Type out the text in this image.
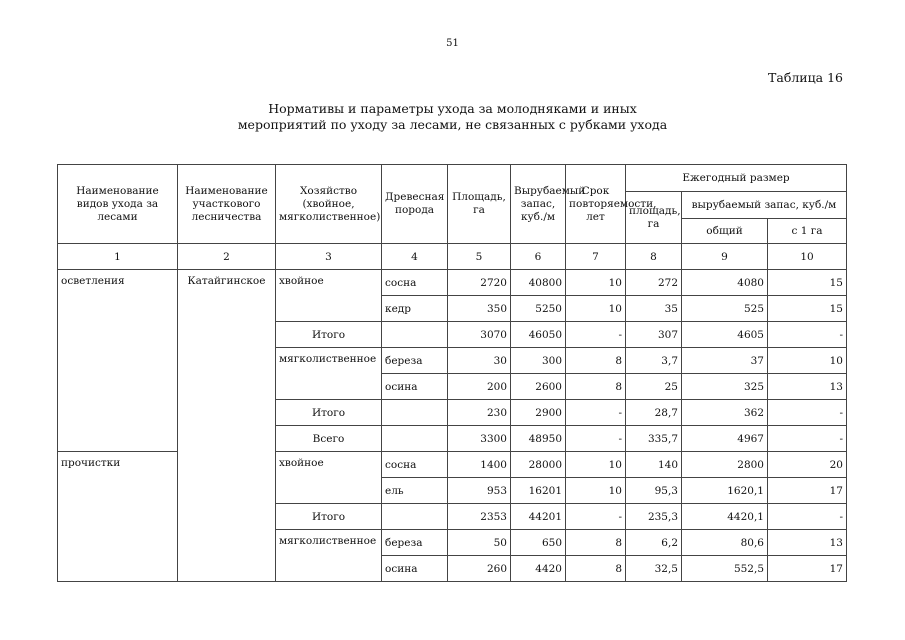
51
Таблица 16
Нормативы и параметры ухода за молодняками и иных
мероприятий по уходу за лесами, не связанных с рубками ухода
Наименование видов ухода за лесами	Наименование участкового лесничества	Хозяйство (хвойное, мягколиственное)	Древесная порода	Площадь, га	Вырубаемый запас, куб./м	Срок повторяемости, лет	Ежегодный размер		
							площадь, га	вырубаемый запас, куб./м	
								общий	с 1 га
1	2	3	4	5	6	7	8	9	10
осветления	Катайгинское	хвойное	сосна	2720	40800	10	272	4080	15
			кедр	350	5250	10	35	525	15
		Итого		3070	46050	-	307	4605	-
		мягколиственное	береза	30	300	8	3,7	37	10
			осина	200	2600	8	25	325	13
		Итого		230	2900	-	28,7	362	-
		Всего		3300	48950	-	335,7	4967	-
прочистки		хвойное	сосна	1400	28000	10	140	2800	20
			ель	953	16201	10	95,3	1620,1	17
		Итого		2353	44201	-	235,3	4420,1	-
		мягколиственное	береза	50	650	8	6,2	80,6	13
			осина	260	4420	8	32,5	552,5	17
